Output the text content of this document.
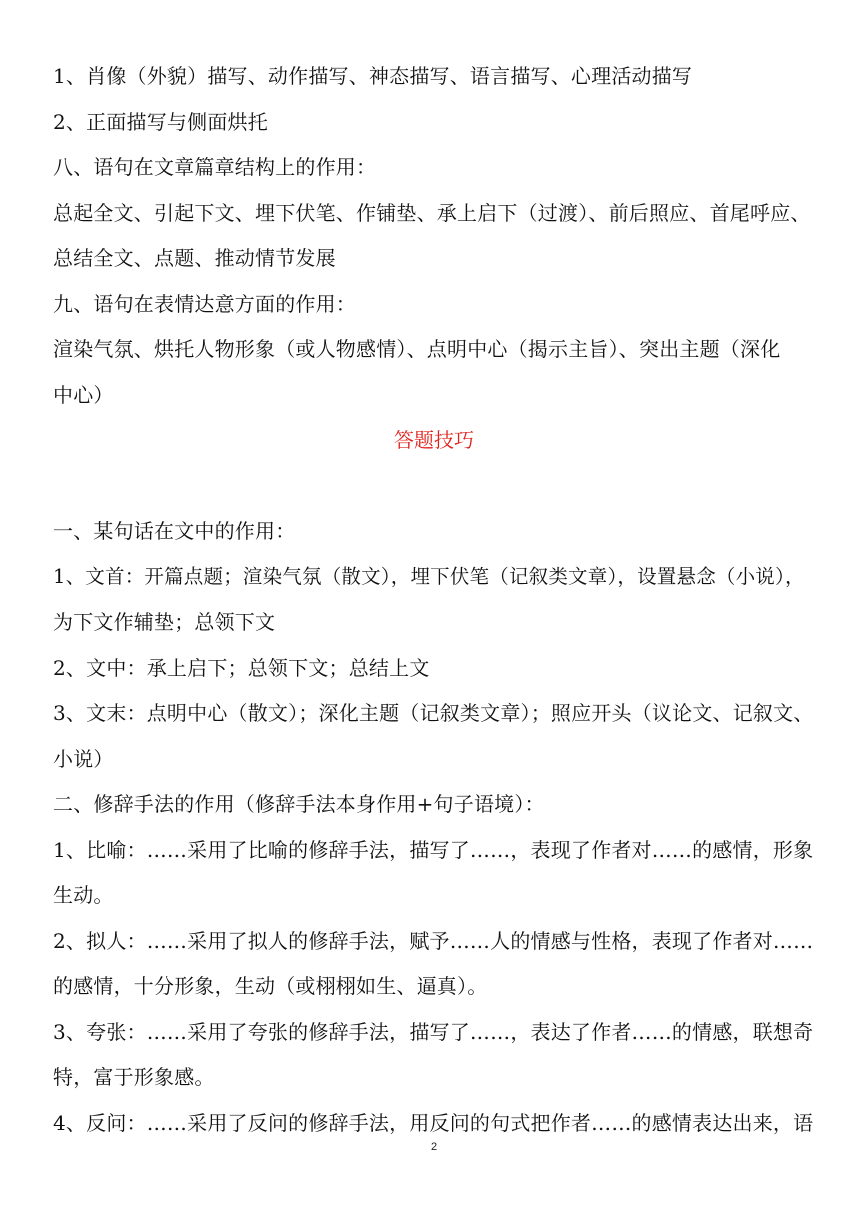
1、肖像（外貌）描写、动作描写、神态描写、语言描写、心理活动描写
2、正面描写与侧面烘托
八、语句在文章篇章结构上的作用：
总起全文、引起下文、埋下伏笔、作铺垫、承上启下（过渡）、前后照应、首尾呼应、
总结全文、点题、推动情节发展
九、语句在表情达意方面的作用：
渲染气氛、烘托人物形象（或人物感情）、点明中心（揭示主旨）、突出主题（深化
中心）
答题技巧
一、某句话在文中的作用：
1、文首：开篇点题；渲染气氛（散文），埋下伏笔（记叙类文章），设置悬念（小说），
为下文作辅垫；总领下文
2、文中：承上启下；总领下文；总结上文
3、文末：点明中心（散文）；深化主题（记叙类文章）；照应开头（议论文、记叙文、
小说）
二、修辞手法的作用（修辞手法本身作用+句子语境）：
1、比喻：……采用了比喻的修辞手法，描写了……，表现了作者对……的感情，形象
生动。
2、拟人：……采用了拟人的修辞手法，赋予……人的情感与性格，表现了作者对……
的感情，十分形象，生动（或栩栩如生、逼真）。
3、夸张：……采用了夸张的修辞手法，描写了……，表达了作者……的情感，联想奇
特，富于形象感。
4、反问：……采用了反问的修辞手法，用反问的句式把作者……的感情表达出来，语
2
